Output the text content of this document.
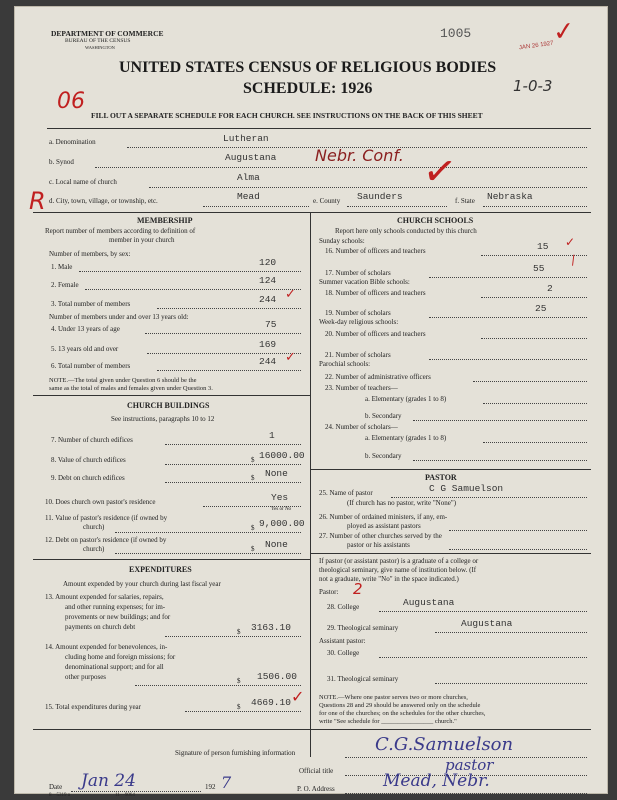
DEPARTMENT OF COMMERCE
BUREAU OF THE CENSUS
WASHINGTON
1005
JAN 26 1927
✓
UNITED STATES CENSUS OF RELIGIOUS BODIES
SCHEDULE: 1926	1-0-3
06
FILL OUT A SEPARATE SCHEDULE FOR EACH CHURCH. SEE INSTRUCTIONS ON THE BACK OF THIS SHEET
a. Denomination	Lutheran
b. Synod	Augustana Nebr. Conf. ✓
c. Local name of church	Alma
R d. City, town, village, or township, etc.	Mead	e. County Saunders	f. State Nebraska
MEMBERSHIP
Report number of members according to definition of
member in your church
Number of members, by sex:
1. Male	120
2. Female	124
3. Total number of members	244 ✓
Number of members under and over 13 years old:
4. Under 13 years of age	75
5. 13 years old and over	169
6. Total number of members	244 ✓
NOTE.—The total given under Question 6 should be the
same as the total of males and females given under Question 3.
CHURCH BUILDINGS
See instructions, paragraphs 10 to 12
7. Number of church edifices	1
8. Value of church edifices	$ 16000.00
9. Debt on church edifices	$ None
10. Does church own pastor's residence	Yes
Yes or No
11. Value of pastor's residence (if owned by
church)	$ 9,000.00
12. Debt on pastor's residence (if owned by
church)	$ None
EXPENDITURES
Amount expended by your church during last fiscal year
13. Amount expended for salaries, repairs,
and other running expenses; for im-
provements or new buildings; and for
payments on church debt
$ 3163.10
14. Amount expended for benevolences, in-
cluding home and foreign missions; for
denominational support; and for all
other purposes	$ 1506.00
15. Total expenditures during year	$ 4669.10 ✓
CHURCH SCHOOLS
Report here only schools conducted by this church
Sunday schools:
16. Number of officers and teachers	15 ✓
17. Number of scholars	55
/
Summer vacation Bible schools:
18. Number of officers and teachers	2
19. Number of scholars	25
Week-day religious schools:
20. Number of officers and teachers
21. Number of scholars
Parochial schools:
22. Number of administrative officers
23. Number of teachers—
a. Elementary (grades 1 to 8)
b. Secondary
24. Number of scholars—
a. Elementary (grades 1 to 8)
b. Secondary
PASTOR
25. Name of pastor	C G Samuelson
(If church has no pastor, write "None")
26. Number of ordained ministers, if any, em-
ployed as assistant pastors
27. Number of other churches served by the
pastor or his assistants
If pastor (or assistant pastor) is a graduate of a college or
theological seminary, give name of institution below. (If
not a graduate, write "No" in the space indicated.)
Pastor: 2
28. College	Augustana
29. Theological seminary	Augustana
Assistant pastor:
30. College
31. Theological seminary
NOTE.—Where one pastor serves two or more churches,
Questions 28 and 29 should be answered only on the schedule
for one of the churches; on the schedules for the other churches,
write "See schedule for ________________ church."
Signature of person furnishing information	C.G.Samuelson
Official title	pastor
Date Jan 24	192 7
8—5319 a	11—9064
P. O. Address	Mead, Nebr.
